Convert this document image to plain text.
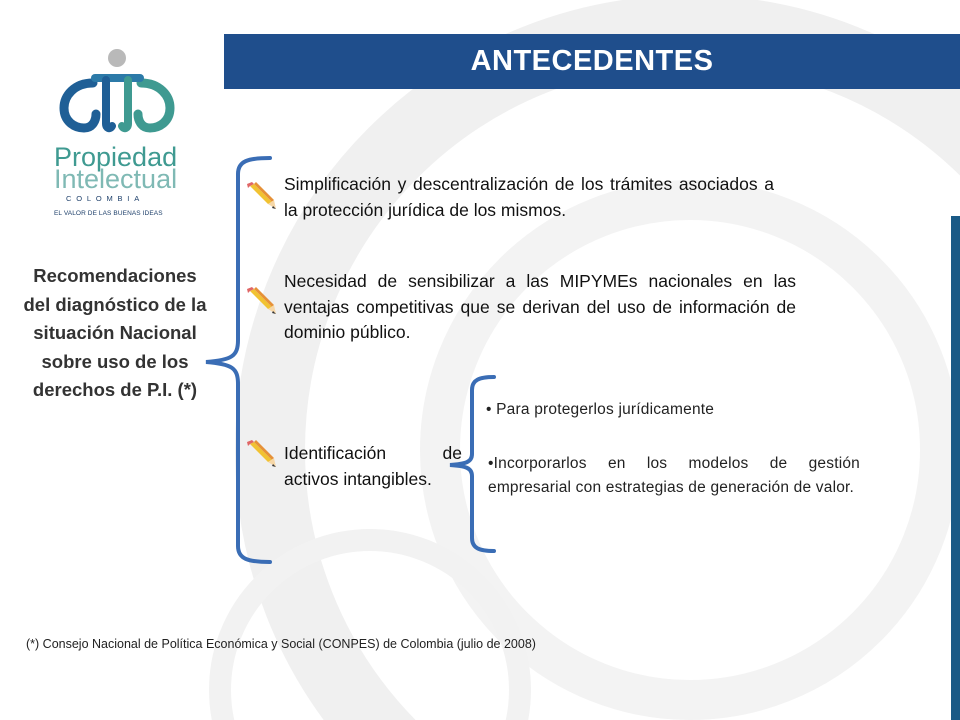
ANTECEDENTES
Propiedad
Intelectual
COLOMBIA
EL VALOR DE LAS BUENAS IDEAS
Recomendaciones del diagnóstico de la situación Nacional sobre uso de los derechos de P.I. (*)
Simplificación y descentralización de los trámites asociados a la protección jurídica de los mismos.
Necesidad de sensibilizar a las MIPYMEs nacionales en las ventajas competitivas que se derivan del uso de información de dominio público.
Identificación de activos intangibles.
• Para protegerlos jurídicamente
•Incorporarlos en los modelos de gestión empresarial con estrategias de generación de valor.
(*) Consejo Nacional de Política Económica y Social (CONPES) de Colombia (julio de 2008)
